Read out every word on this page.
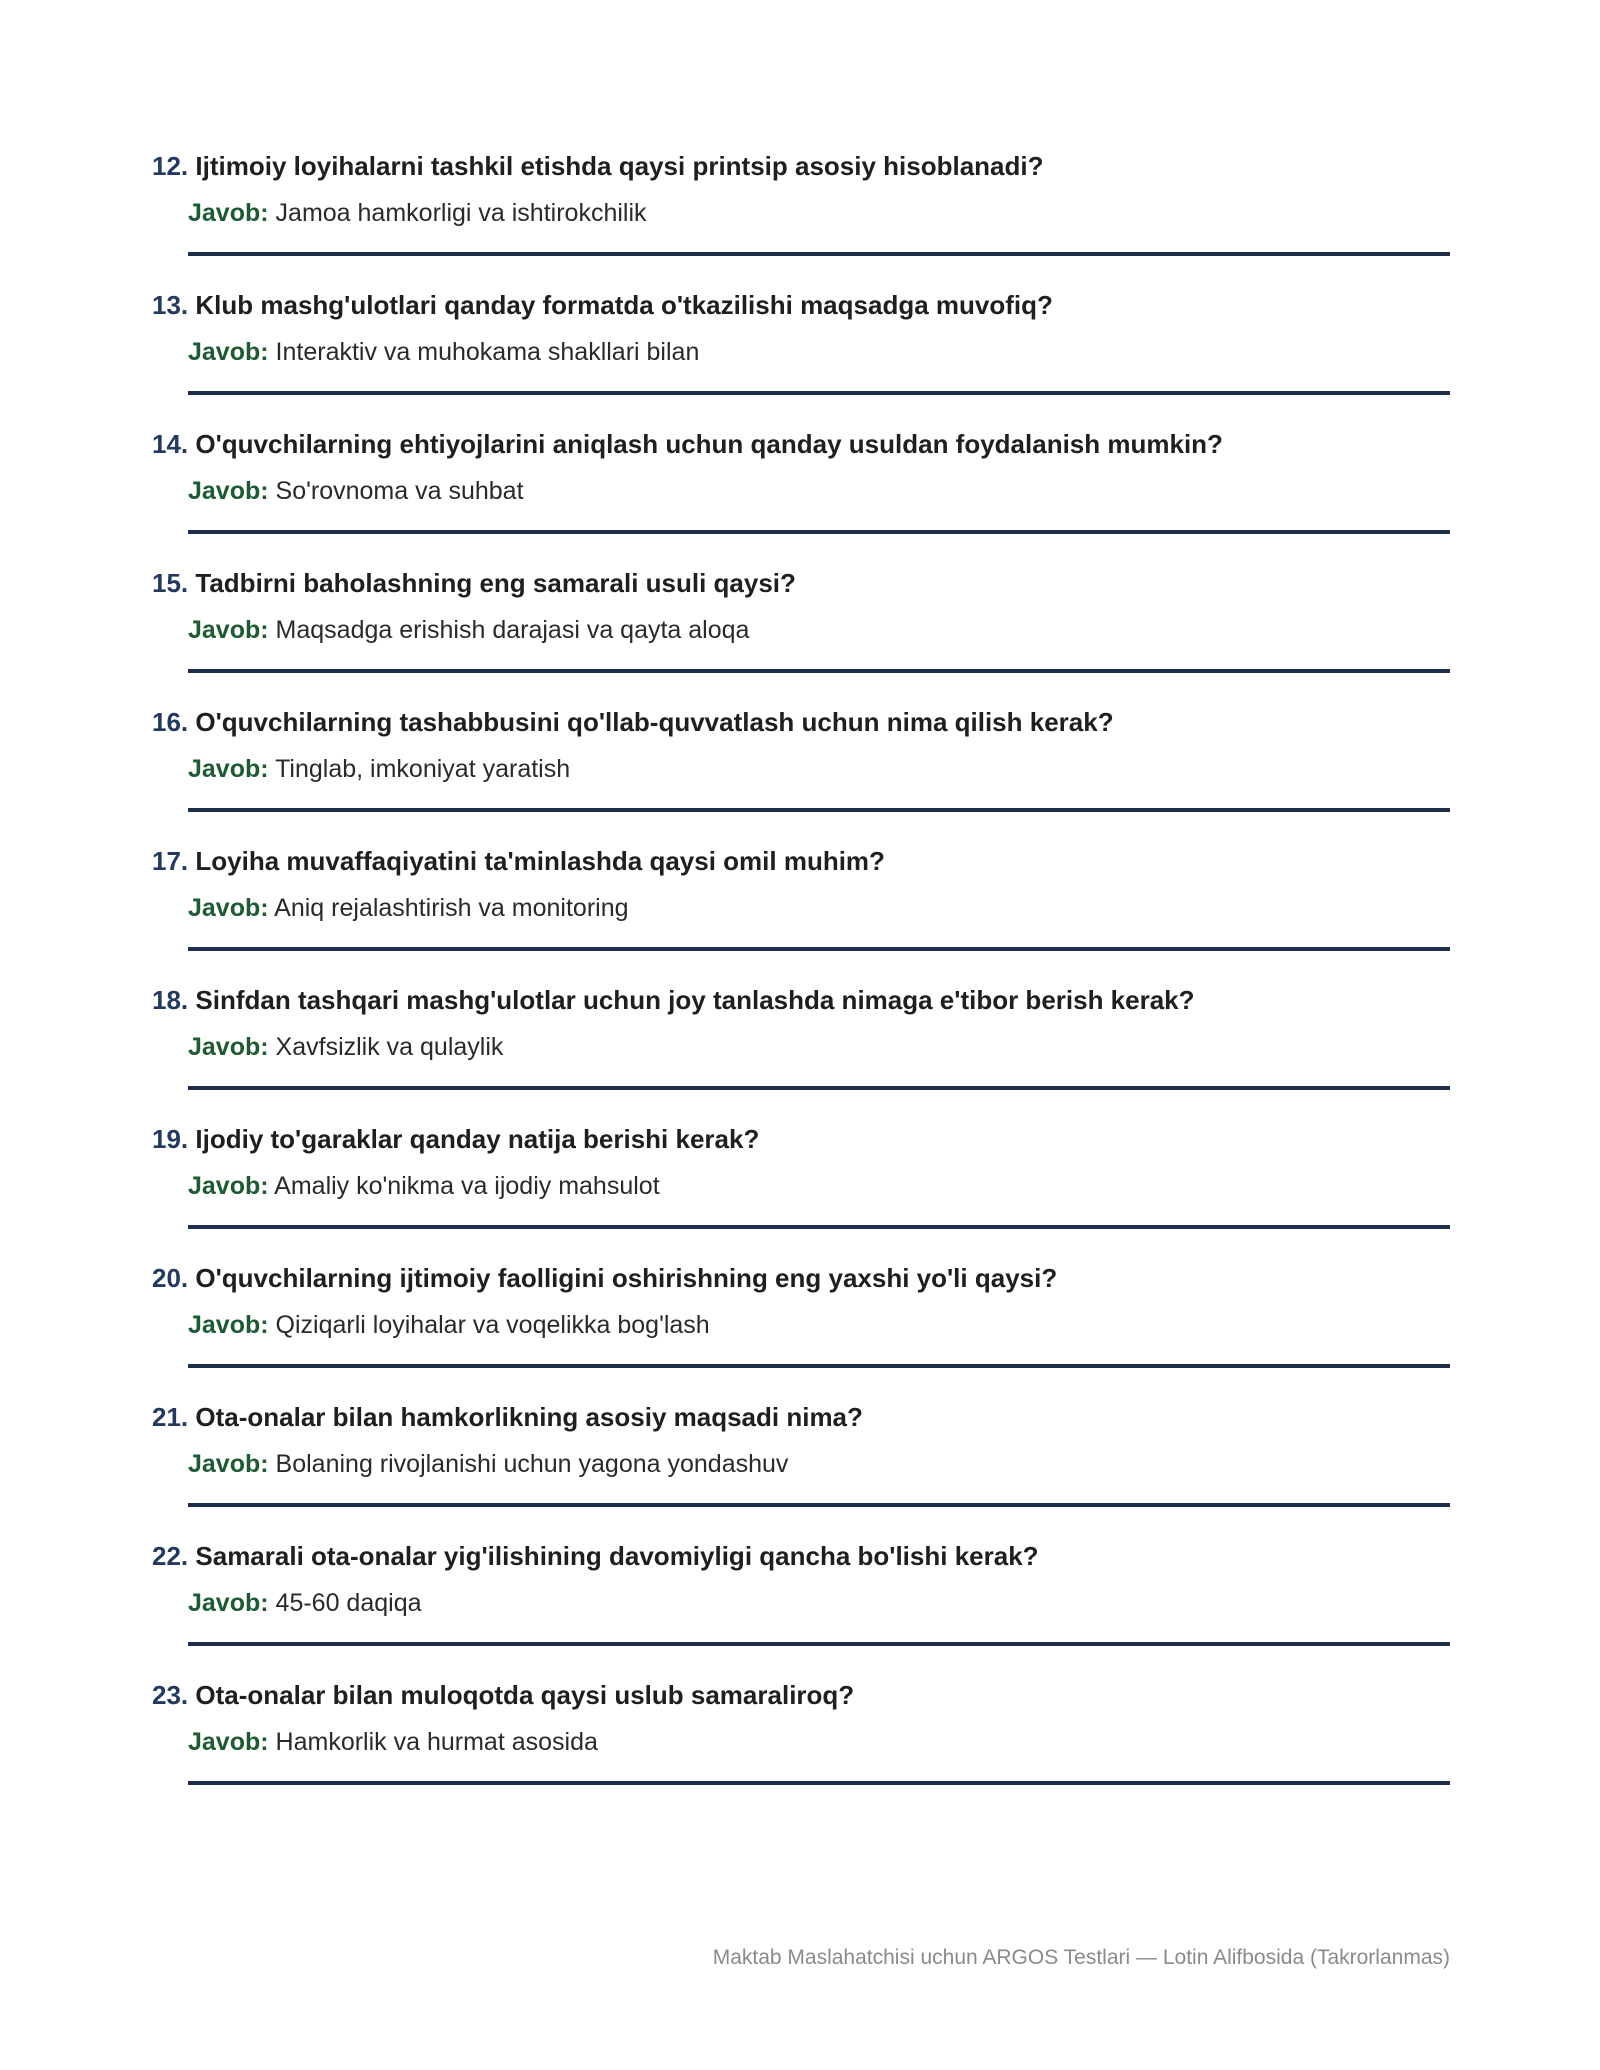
12. Ijtimoiy loyihalarni tashkil etishda qaysi printsip asosiy hisoblanadi?
Javob: Jamoa hamkorligi va ishtirokchilik
13. Klub mashg'ulotlari qanday formatda o'tkazilishi maqsadga muvofiq?
Javob: Interaktiv va muhokama shakllari bilan
14. O'quvchilarning ehtiyojlarini aniqlash uchun qanday usuldan foydalanish mumkin?
Javob: So'rovnoma va suhbat
15. Tadbirni baholashning eng samarali usuli qaysi?
Javob: Maqsadga erishish darajasi va qayta aloqa
16. O'quvchilarning tashabbusini qo'llab-quvvatlash uchun nima qilish kerak?
Javob: Tinglab, imkoniyat yaratish
17. Loyiha muvaffaqiyatini ta'minlashda qaysi omil muhim?
Javob: Aniq rejalashtirish va monitoring
18. Sinfdan tashqari mashg'ulotlar uchun joy tanlashda nimaga e'tibor berish kerak?
Javob: Xavfsizlik va qulaylik
19. Ijodiy to'garaklar qanday natija berishi kerak?
Javob: Amaliy ko'nikma va ijodiy mahsulot
20. O'quvchilarning ijtimoiy faolligini oshirishning eng yaxshi yo'li qaysi?
Javob: Qiziqarli loyihalar va voqelikka bog'lash
21. Ota-onalar bilan hamkorlikning asosiy maqsadi nima?
Javob: Bolaning rivojlanishi uchun yagona yondashuv
22. Samarali ota-onalar yig'ilishining davomiyligi qancha bo'lishi kerak?
Javob: 45-60 daqiqa
23. Ota-onalar bilan muloqotda qaysi uslub samaraliroq?
Javob: Hamkorlik va hurmat asosida
Maktab Maslahatchisi uchun ARGOS Testlari — Lotin Alifbosida (Takrorlanmas)
